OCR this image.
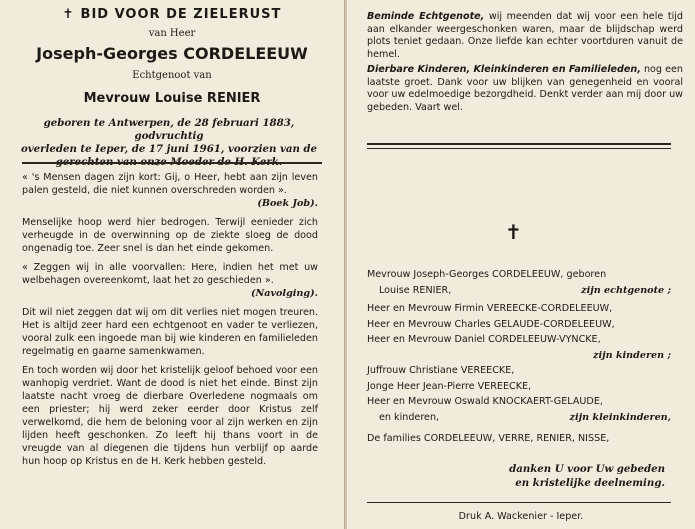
✝ BID VOOR DE ZIELERUST
van Heer
Joseph-Georges CORDELEEUW
Echtgenoot van
Mevrouw Louise RENIER
geboren te Antwerpen, de 28 februari 1883, godvruchtig
overleden te Ieper, de 17 juni 1961, voorzien van de

« 's Mensen dagen zijn kort: Gij, o Heer, hebt aan zijn leven palen gesteld, die niet kunnen overschreden worden ».
(Boek Job).

Menselijke hoop werd hier bedrogen. Terwijl eenieder zich verheugde in de overwinning op de ziekte sloeg de dood ongenadig toe. Zeer snel is dan het einde gekomen.

« Zeggen wij in alle voorvallen: Here, indien het met uw welbehagen overeenkomt, laat het zo geschieden ».
(Navolging).

Dit wil niet zeggen dat wij om dit verlies niet mogen treuren. Het is altijd zeer hard een echtgenoot en vader te verliezen, vooral zulk een ingoede man bij wie kinderen en familieleden regelmatig en gaarne samenkwamen.

En toch worden wij door het kristelijk geloof behoed voor een wanhopig verdriet. Want de dood is niet het einde. Binst zijn laatste nacht vroeg de dierbare Overledene nogmaals om een priester; hij werd zeker eerder door Kristus zelf verwelkomd, die hem de beloning voor al zijn werken en zijn lijden heeft geschonken. Zo leeft hij thans voort in de vreugde van al diegenen die tijdens hun verblijf op aarde hun hoop op Kristus en de H. Kerk hebben gesteld.

Beminde Echtgenote, wij meenden dat wij voor een hele tijd aan elkander weergeschonken waren, maar de blijdschap werd plots teniet gedaan. Onze liefde kan echter voortduren vanuit de hemel.

Dierbare Kinderen, Kleinkinderen en Familieleden, nog een laatste groet. Dank voor uw blijken van genegenheid en vooral voor uw edelmoedige bezorgdheid. Denkt verder aan mij door uw gebeden. Vaart wel.

✝
Mevrouw Joseph-Georges CORDELEEUW, geboren
Louise RENIER,	zijn echtgenote ;
Heer en Mevrouw Firmin VEREECKE-CORDELEEUW,
Heer en Mevrouw Charles GELAUDE-CORDELEEUW,
Heer en Mevrouw Daniel CORDELEEUW-VYNCKE,
zijn kinderen ;
Juffrouw Christiane VEREECKE,
Jonge Heer Jean-Pierre VEREECKE,
Heer en Mevrouw Oswald KNOCKAERT-GELAUDE,
en kinderen,	zijn kleinkinderen,
De families CORDELEEUW, VERRE, RENIER, NISSE,
danken U voor Uw gebeden
en kristelijke deelneming.
Druk A. Wackenier - Ieper.
